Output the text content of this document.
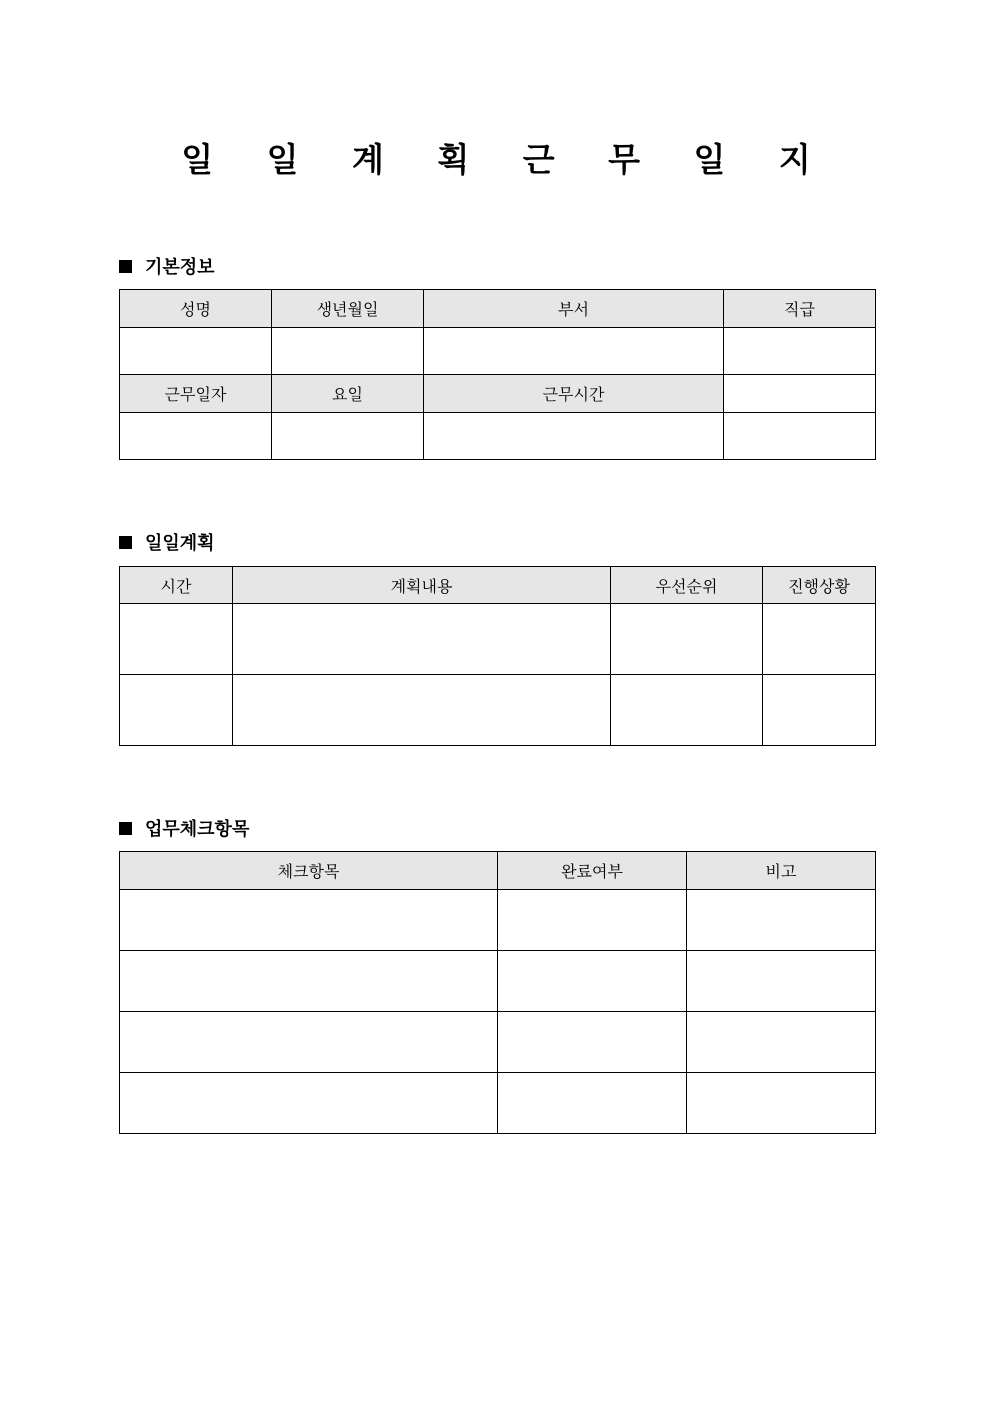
일 일 계 획 근 무 일 지
기본정보
성명	생년월일	부서	직급

근무일자	요일	근무시간	

일일계획
시간	계획내용	우선순위	진행상황

업무체크항목
체크항목	완료여부	비고
